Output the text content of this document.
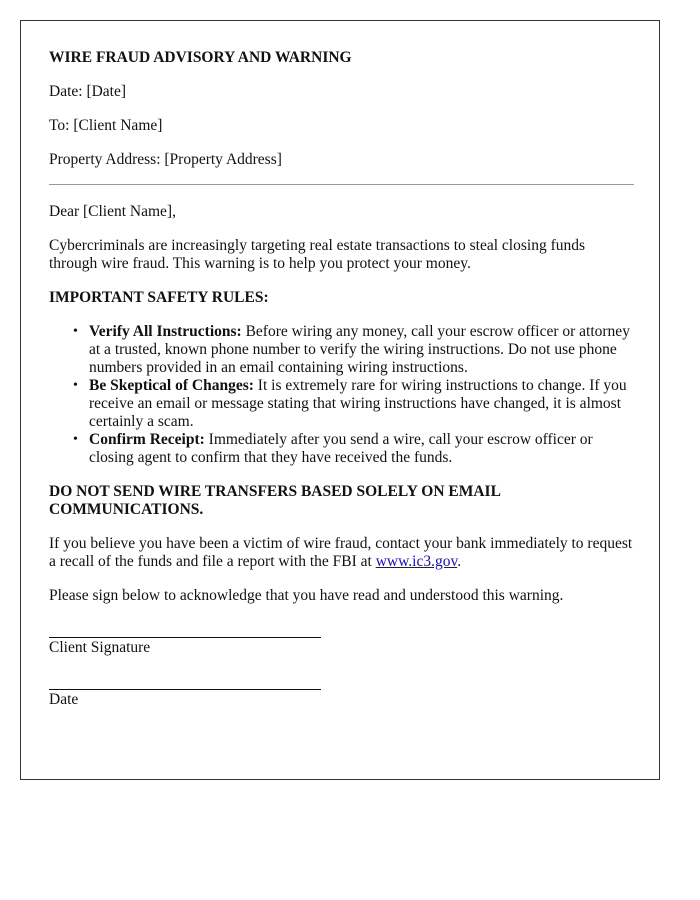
WIRE FRAUD ADVISORY AND WARNING
Date: [Date]
To: [Client Name]
Property Address: [Property Address]
Dear [Client Name],
Cybercriminals are increasingly targeting real estate transactions to steal closing funds through wire fraud. This warning is to help you protect your money.
IMPORTANT SAFETY RULES:
• Verify All Instructions: Before wiring any money, call your escrow officer or attorney at a trusted, known phone number to verify the wiring instructions. Do not use phone numbers provided in an email containing wiring instructions.
• Be Skeptical of Changes: It is extremely rare for wiring instructions to change. If you receive an email or message stating that wiring instructions have changed, it is almost certainly a scam.
• Confirm Receipt: Immediately after you send a wire, call your escrow officer or closing agent to confirm that they have received the funds.
DO NOT SEND WIRE TRANSFERS BASED SOLELY ON EMAIL COMMUNICATIONS.
If you believe you have been a victim of wire fraud, contact your bank immediately to request a recall of the funds and file a report with the FBI at www.ic3.gov.
Please sign below to acknowledge that you have read and understood this warning.
Client Signature
Date
